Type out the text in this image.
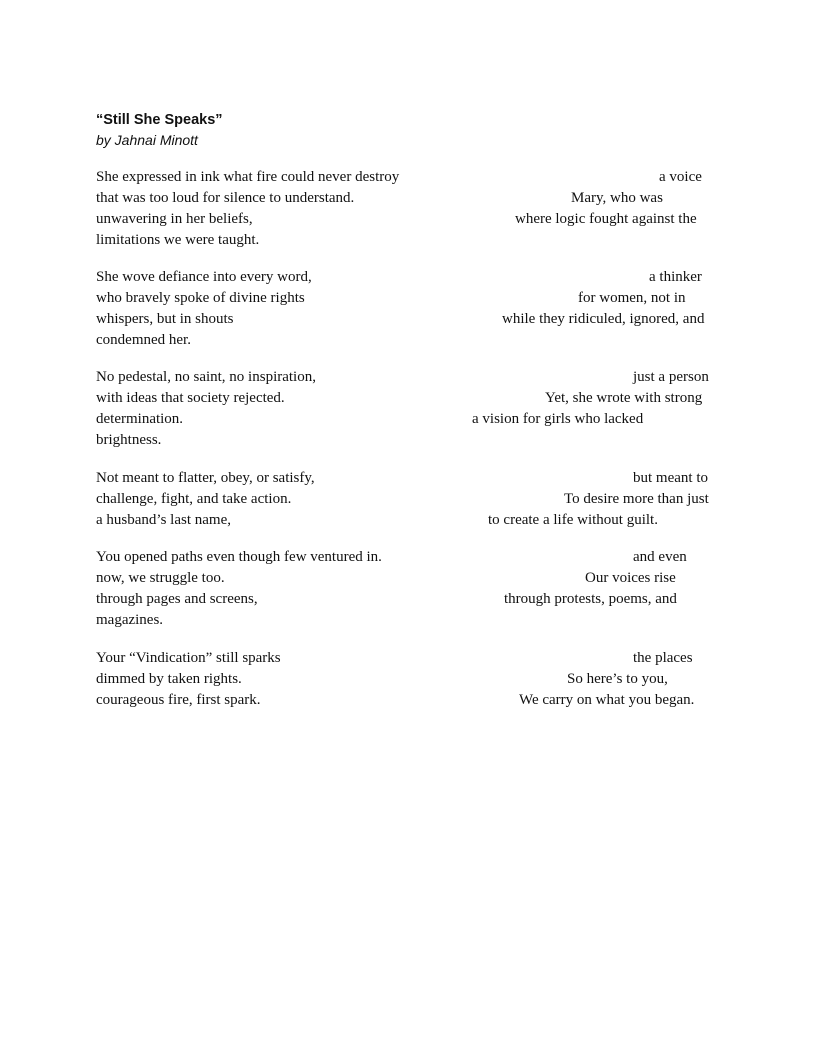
“Still She Speaks”
by Jahnai Minott
She expressed in ink what fire could never destroy	a voice
that was too loud for silence to understand.	Mary, who was
unwavering in her beliefs,	where logic fought against the
limitations we were taught.
She wove defiance into every word,	a thinker
who bravely spoke of divine rights	for women, not in
whispers, but in shouts	while they ridiculed, ignored, and
condemned her.
No pedestal, no saint, no inspiration,	just a person
with ideas that society rejected.	Yet, she wrote with strong
determination.	a vision for girls who lacked
brightness.
Not meant to flatter, obey, or satisfy,	but meant to
challenge, fight, and take action.	To desire more than just
a husband’s last name,	to create a life without guilt.
You opened paths even though few ventured in.	and even
now, we struggle too.	Our voices rise
through pages and screens,	through protests, poems, and
magazines.
Your “Vindication” still sparks	the places
dimmed by taken rights.	So here’s to you,
courageous fire, first spark.	We carry on what you began.
